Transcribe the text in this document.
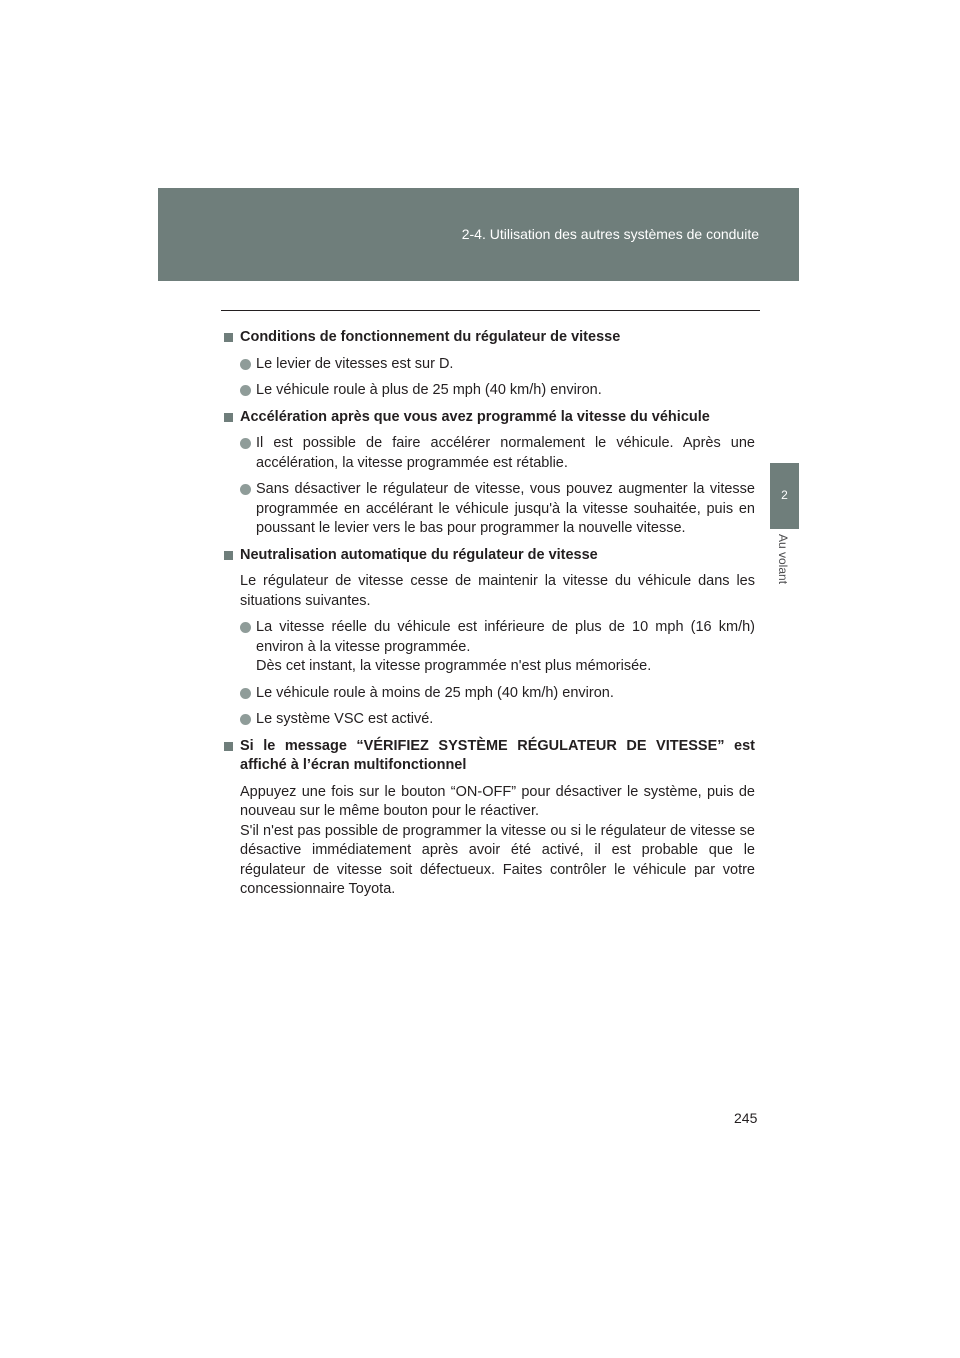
2-4. Utilisation des autres systèmes de conduite
2
Au volant
Conditions de fonctionnement du régulateur de vitesse
Le levier de vitesses est sur D.
Le véhicule roule à plus de 25 mph (40 km/h) environ.
Accélération après que vous avez programmé la vitesse du véhicule
Il est possible de faire accélérer normalement le véhicule. Après une accélération, la vitesse programmée est rétablie.
Sans désactiver le régulateur de vitesse, vous pouvez augmenter la vitesse programmée en accélérant le véhicule jusqu'à la vitesse souhaitée, puis en poussant le levier vers le bas pour programmer la nouvelle vitesse.
Neutralisation automatique du régulateur de vitesse
Le régulateur de vitesse cesse de maintenir la vitesse du véhicule dans les situations suivantes.
La vitesse réelle du véhicule est inférieure de plus de 10 mph (16 km/h) environ à la vitesse programmée.
Dès cet instant, la vitesse programmée n'est plus mémorisée.
Le véhicule roule à moins de 25 mph (40 km/h) environ.
Le système VSC est activé.
Si le message “VÉRIFIEZ SYSTÈME RÉGULATEUR DE VITESSE” est affiché à l’écran multifonctionnel
Appuyez une fois sur le bouton “ON-OFF” pour désactiver le système, puis de nouveau sur le même bouton pour le réactiver.
S'il n'est pas possible de programmer la vitesse ou si le régulateur de vitesse se désactive immédiatement après avoir été activé, il est probable que le régulateur de vitesse soit défectueux. Faites contrôler le véhicule par votre concessionnaire Toyota.
245
